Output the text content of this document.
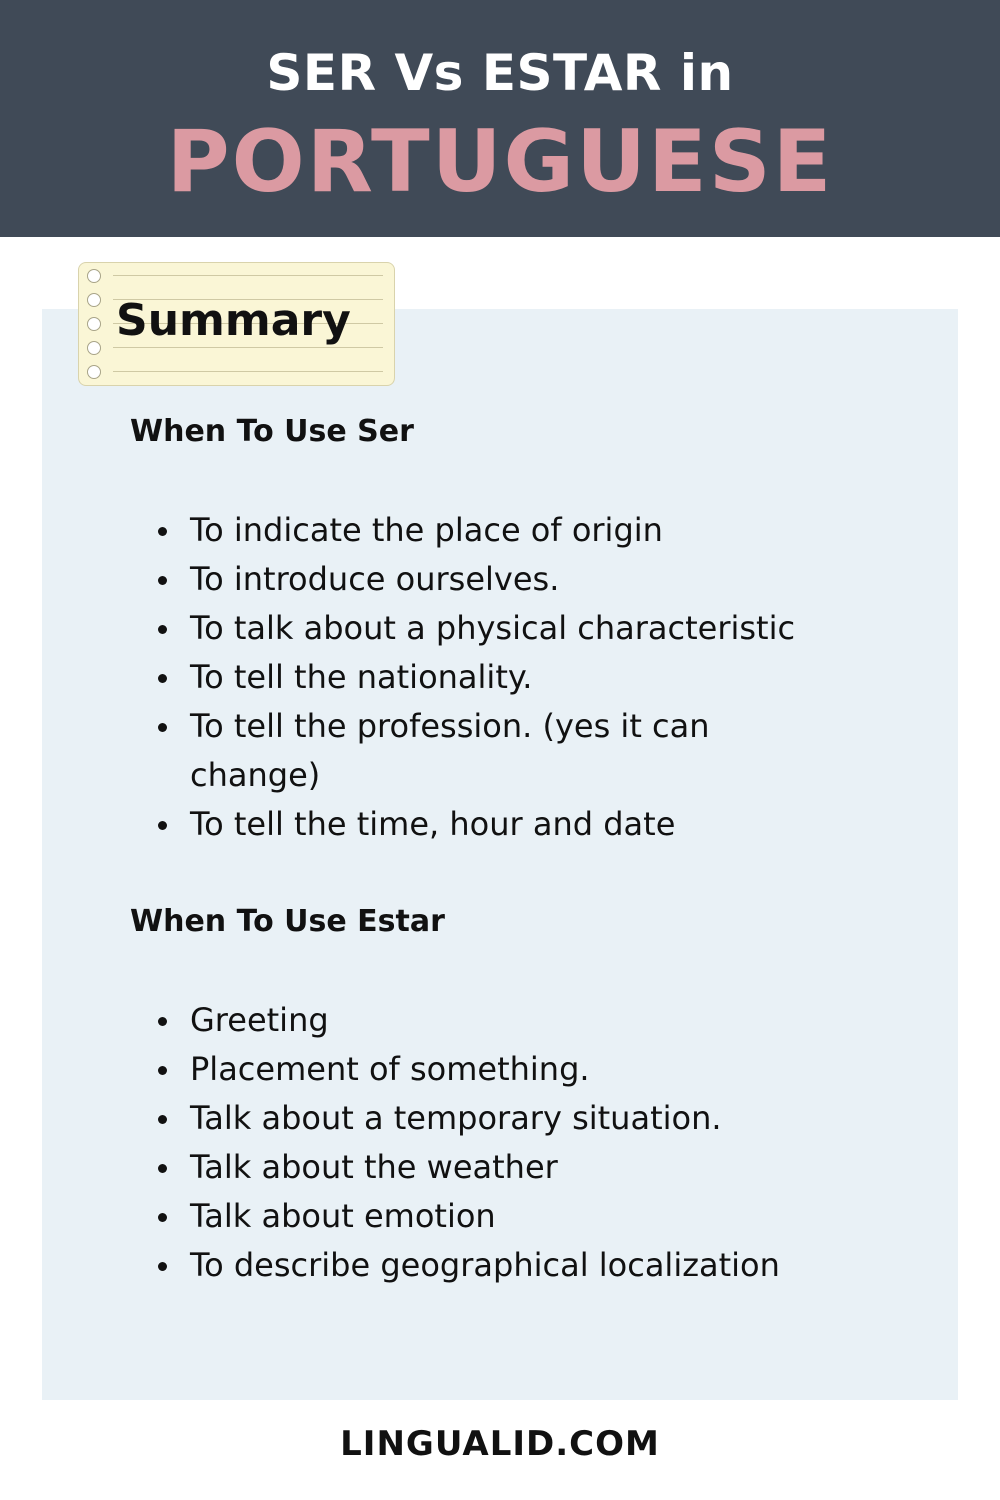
SER Vs ESTAR in
PORTUGUESE
Summary
When To Use Ser
To indicate the place of origin
To introduce ourselves.
To talk about a physical characteristic
To tell the nationality.
To tell the profession. (yes it can change)
To tell the time, hour and date
When To Use Estar
Greeting
Placement of something.
Talk about a temporary situation.
Talk about the weather
Talk about emotion
To describe geographical localization
LINGUALID.COM
